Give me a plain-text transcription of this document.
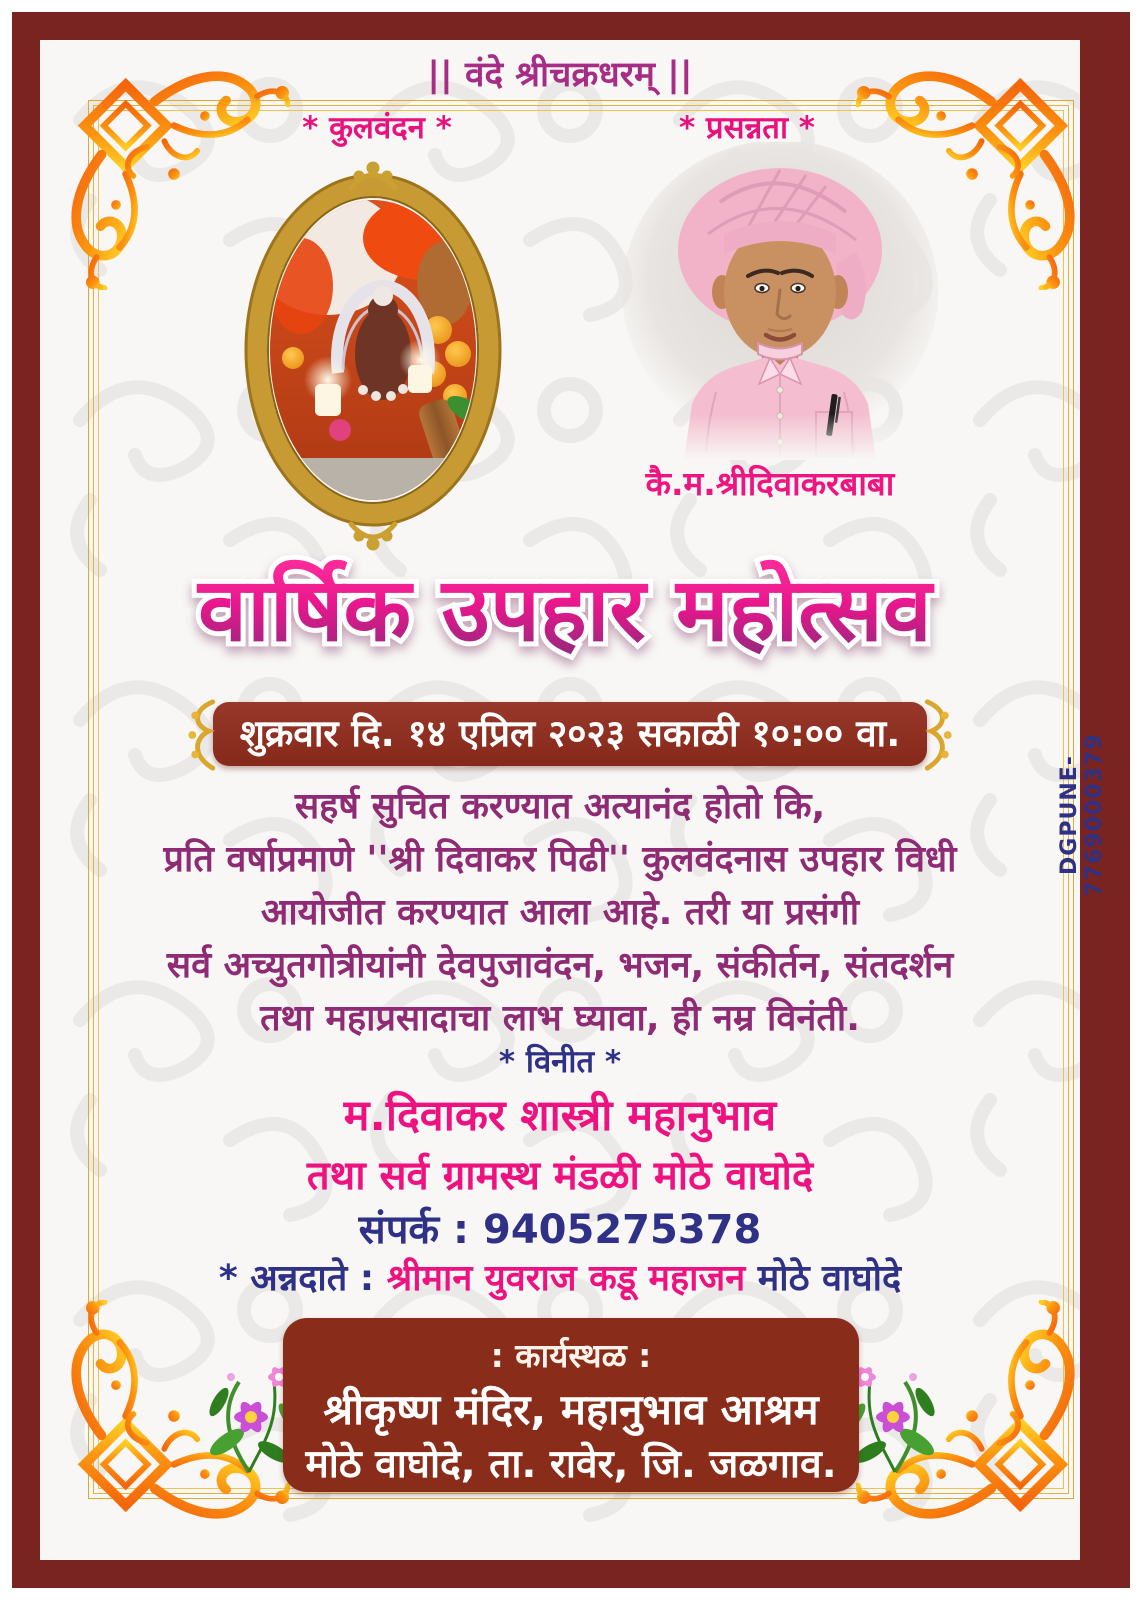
|| वंदे श्रीचक्रधरम् ||
* कुलवंदन *	* प्रसन्नता *
कै.म.श्रीदिवाकरबाबा
वार्षिक उपहार महोत्सव
शुक्रवार दि. १४ एप्रिल २०२३ सकाळी १०:०० वा.
सहर्ष सुचित करण्यात अत्यानंद होतो कि,
प्रति वर्षाप्रमाणे ''श्री दिवाकर पिढी'' कुलवंदनास उपहार विधी
आयोजीत करण्यात आला आहे. तरी या प्रसंगी
सर्व अच्युतगोत्रीयांनी देवपुजावंदन, भजन, संकीर्तन, संतदर्शन
तथा महाप्रसादाचा लाभ घ्यावा, ही नम्र विनंती.
* विनीत *
म.दिवाकर शास्त्री महानुभाव
तथा सर्व ग्रामस्थ मंडळी मोठे वाघोदे
संपर्क : 9405275378
* अन्नदाते : श्रीमान युवराज कडू महाजन मोठे वाघोदे
: कार्यस्थळ :
श्रीकृष्ण मंदिर, महानुभाव आश्रम
मोठे वाघोदे, ता. रावेर, जि. जळगाव.
DGPUNE-7769000379
